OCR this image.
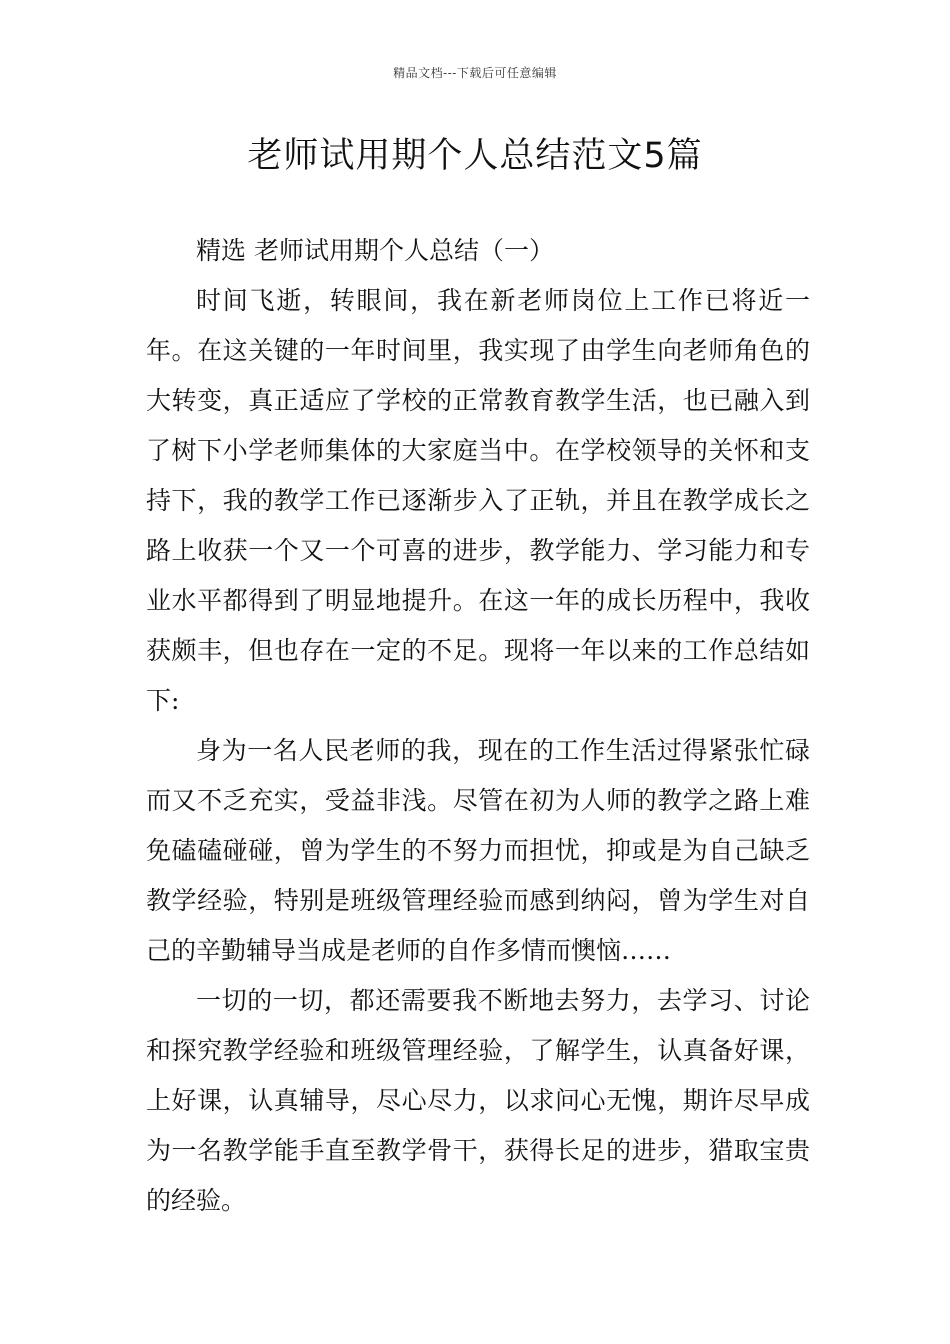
精品文档---下载后可任意编辑
老师试用期个人总结范文5篇

精选 老师试用期个人总结（一）

时间飞逝，转眼间，我在新老师岗位上工作已将近一年。在这关键的一年时间里，我实现了由学生向老师角色的大转变，真正适应了学校的正常教育教学生活，也已融入到了树下小学老师集体的大家庭当中。在学校领导的关怀和支持下，我的教学工作已逐渐步入了正轨，并且在教学成长之路上收获一个又一个可喜的进步，教学能力、学习能力和专业水平都得到了明显地提升。在这一年的成长历程中，我收获颇丰，但也存在一定的不足。现将一年以来的工作总结如下:

身为一名人民老师的我，现在的工作生活过得紧张忙碌而又不乏充实，受益非浅。尽管在初为人师的教学之路上难免磕磕碰碰，曾为学生的不努力而担忧，抑或是为自己缺乏教学经验，特别是班级管理经验而感到纳闷，曾为学生对自己的辛勤辅导当成是老师的自作多情而懊恼……

一切的一切，都还需要我不断地去努力，去学习、讨论和探究教学经验和班级管理经验，了解学生，认真备好课，上好课，认真辅导，尽心尽力，以求问心无愧，期许尽早成为一名教学能手直至教学骨干，获得长足的进步，猎取宝贵的经验。
